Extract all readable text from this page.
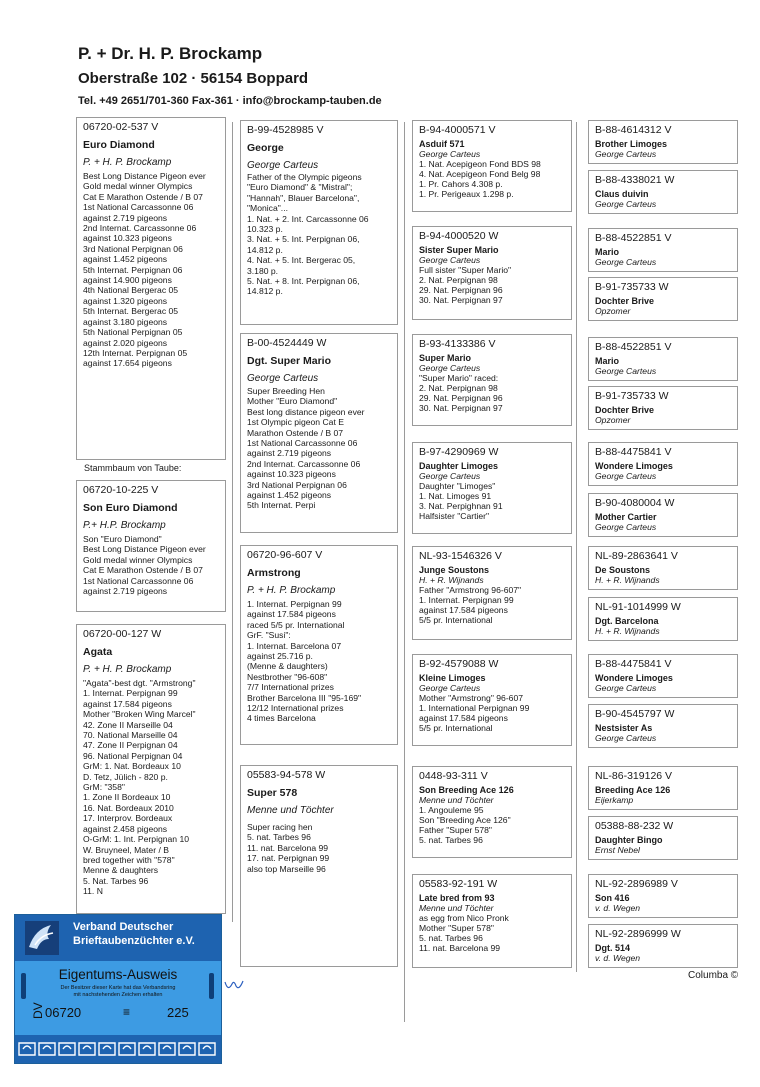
P. + Dr. H. P. Brockamp
Oberstraße 102 · 56154 Boppard
Tel. +49 2651/701-360 Fax-361 · info@brockamp-tauben.de
06720-02-537 V
Euro Diamond
P. + H. P. Brockamp
Best Long Distance Pigeon ever
Gold medal winner Olympics
Cat E Marathon Ostende / B 07
1st National Carcassonne 06
against 2.719 pigeons
2nd Internat. Carcassonne 06
against 10.323 pigeons
3rd National Perpignan 06
against 1.452 pigeons
5th Internat. Perpignan 06
against 14.900 pigeons
4th National Bergerac 05
against 1.320 pigeons
5th Internat. Bergerac 05
against 3.180 pigeons
5th National Perpignan 05
against 2.020 pigeons
12th Internat. Perpignan 05
against 17.654 pigeons
Stammbaum von Taube:
06720-10-225 V
Son Euro Diamond
P.+ H.P. Brockamp
Son "Euro Diamond"
Best Long Distance Pigeon ever
Gold medal winner Olympics
Cat E Marathon Ostende / B 07
1st National Carcassonne 06
against 2.719 pigeons
06720-00-127 W
Agata
P. + H. P. Brockamp
"Agata"-best dgt. "Armstrong"
1. Internat. Perpignan 99
against 17.584 pigeons
Mother "Broken Wing Marcel"
42. Zone II Marseille 04
70. National Marseille 04
47. Zone II Perpignan 04
96. National Perpignan 04
GrM: 1. Nat. Bordeaux 10
D. Tetz, Jülich - 820 p.
GrM: "358"
1. Zone II Bordeaux 10
16. Nat. Bordeaux 2010
17. Interprov. Bordeaux
against 2.458 pigeons
O-GrM: 1. Int. Perpignan 10
W. Bruyneel, Mater / B
bred together with "578"
Menne & daughters
5. Nat. Tarbes 96
11. N
B-99-4528985 V
George
George Carteus
Father of the Olympic pigeons
"Euro Diamond" & "Mistral";
"Hannah", Blauer Barcelona",
"Monica"...
1. Nat. + 2. Int. Carcassonne 06
10.323 p.
3. Nat. + 5. Int. Perpignan 06,
14.812 p.
4. Nat. + 5. Int. Bergerac 05,
3.180 p.
5. Nat. + 8. Int. Perpignan 06,
14.812 p.
B-00-4524449 W
Dgt. Super Mario
George Carteus
Super Breeding Hen
Mother "Euro Diamond"
Best long distance pigeon ever
1st Olympic pigeon Cat E
Marathon Ostende / B 07
1st National Carcassonne 06
against 2.719 pigeons
2nd Internat. Carcassonne 06
against 10.323 pigeons
3rd National Perpignan 06
against 1.452 pigeons
5th Internat. Perpi
06720-96-607 V
Armstrong
P. + H. P. Brockamp
1. Internat. Perpignan 99
against 17.584 pigeons
raced 5/5 pr. International
GrF. "Susi":
1. Internat. Barcelona 07
against 25.716 p.
(Menne & daughters)
Nestbrother "96-608"
7/7 International prizes
Brother Barcelona III "95-169"
12/12 International prizes
4 times Barcelona
05583-94-578 W
Super 578
Menne und Töchter
Super racing hen
5. nat. Tarbes 96
11. nat. Barcelona 99
17. nat. Perpignan 99
also top Marseille 96
B-94-4000571 V
Asduif 571
George Carteus
1. Nat. Acepigeon Fond BDS 98
4. Nat. Acepigeon Fond Belg 98
1. Pr. Cahors 4.308 p.
1. Pr. Perigeaux 1.298 p.
B-94-4000520 W
Sister Super Mario
George Carteus
Full sister "Super Mario"
2. Nat. Perpignan 98
29. Nat. Perpignan 96
30. Nat. Perpignan 97
B-93-4133386 V
Super Mario
George Carteus
"Super Mario" raced:
2. Nat. Perpignan 98
29. Nat. Perpignan 96
30. Nat. Perpignan 97
B-97-4290969 W
Daughter Limoges
George Carteus
Daughter "Limoges"
1. Nat. Limoges 91
3. Nat. Perpighnan 91
Halfsister "Cartier"
NL-93-1546326 V
Junge Soustons
H. + R. Wijnands
Father "Armstrong 96-607"
1. Internat. Perpignan 99
against 17.584 pigeons
5/5 pr. International
B-92-4579088 W
Kleine Limoges
George Carteus
Mother "Armstrong" 96-607
1. International Perpignan 99
against 17.584 pigeons
5/5 pr. International
0448-93-311 V
Son Breeding Ace 126
Menne und Töchter
1. Angouleme 95
Son "Breeding Ace 126"
Father "Super 578"
5. nat. Tarbes 96
05583-92-191 W
Late bred from 93
Menne und Töchter
as egg from Nico Pronk
Mother "Super 578"
5. nat. Tarbes 96
11. nat. Barcelona 99
B-88-4614312 V
Brother Limoges
George Carteus
B-88-4338021 W
Claus duivin
George Carteus
B-88-4522851 V
Mario
George Carteus
B-91-735733 W
Dochter Brive
Opzomer
B-88-4522851 V
Mario
George Carteus
B-91-735733 W
Dochter Brive
Opzomer
B-88-4475841 V
Wondere Limoges
George Carteus
B-90-4080004 W
Mother Cartier
George Carteus
NL-89-2863641 V
De Soustons
H. + R. Wijnands
NL-91-1014999 W
Dgt. Barcelona
H. + R. Wijnands
B-88-4475841 V
Wondere Limoges
George Carteus
B-90-4545797 W
Nestsister As
George Carteus
NL-86-319126 V
Breeding Ace 126
Eijerkamp
05388-88-232 W
Daughter Bingo
Ernst Nebel
NL-92-2896989 V
Son 416
v. d. Wegen
NL-92-2896999 W
Dgt. 514
v. d. Wegen
Columba ©
Verband Deutscher
Brieftaubenzüchter e.V.
Eigentums-Ausweis
Der Besitzer dieser Karte hat das Verbandsring
mit nachstehenden Zeichen erhalten
DV 06720	≡	225
